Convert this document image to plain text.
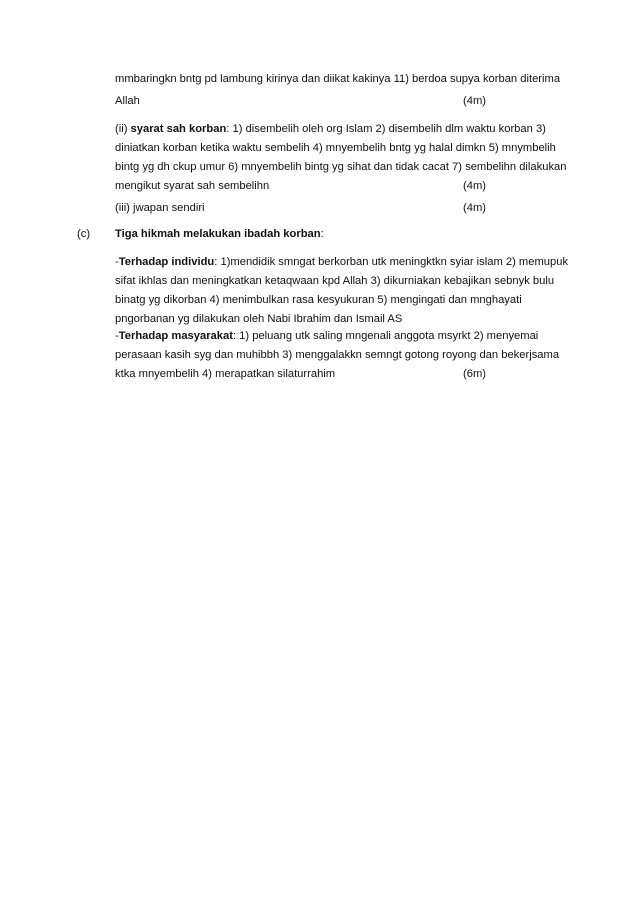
mmbaringkn bntg pd lambung kirinya dan diikat kakinya 11) berdoa supya korban diterima
Allah	(4m)
(ii) syarat sah korban: 1) disembelih oleh org Islam 2) disembelih dlm waktu korban 3)
diniatkan korban ketika waktu sembelih 4) mnyembelih bntg yg halal dimkn 5) mnymbelih
bintg yg dh ckup umur 6) mnyembelih bintg yg sihat dan tidak cacat 7) sembelihn dilakukan
mengikut syarat sah sembelihn	(4m)
(iii) jwapan sendiri	(4m)
(c) Tiga hikmah melakukan ibadah korban:
-Terhadap individu: 1)mendidik smngat berkorban utk meningktkn syiar islam 2) memupuk
sifat ikhlas dan meningkatkan ketaqwaan kpd Allah 3) dikurniakan kebajikan sebnyk bulu
binatg yg dikorban 4) menimbulkan rasa kesyukuran 5) mengingati dan mnghayati
pngorbanan yg dilakukan oleh Nabi Ibrahim dan Ismail AS
-Terhadap masyarakat: 1) peluang utk saling mngenali anggota msyrkt 2) menyemai
perasaan kasih syg dan muhibbh 3) menggalakkn semngt gotong royong dan bekerjsama
ktka mnyembelih 4) merapatkan silaturrahim	(6m)
